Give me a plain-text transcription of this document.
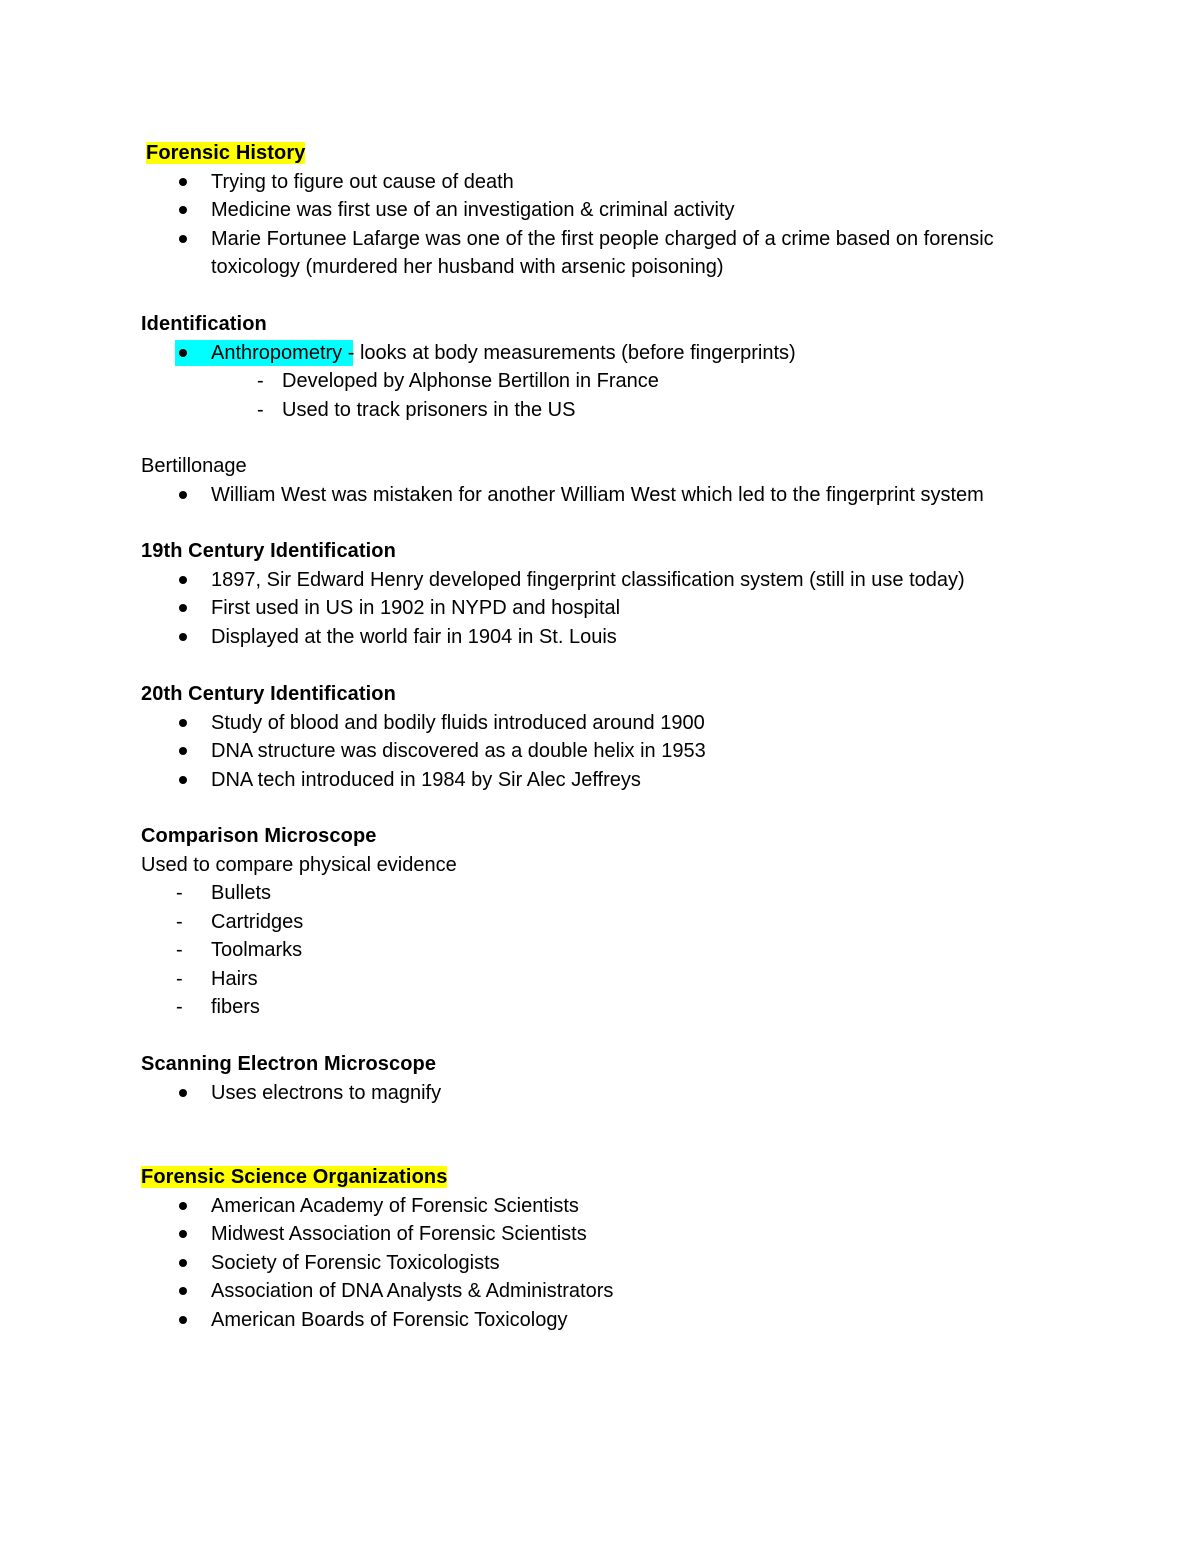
Forensic History
Trying to figure out cause of death
Medicine was first use of an investigation & criminal activity
Marie Fortunee Lafarge was one of the first people charged of a crime based on forensic
toxicology (murdered her husband with arsenic poisoning)
Identification
Anthropometry - looks at body measurements (before fingerprints)
- Developed by Alphonse Bertillon in France
- Used to track prisoners in the US
Bertillonage
William West was mistaken for another William West which led to the fingerprint system
19th Century Identification
1897, Sir Edward Henry developed fingerprint classification system (still in use today)
First used in US in 1902 in NYPD and hospital
Displayed at the world fair in 1904 in St. Louis
20th Century Identification
Study of blood and bodily fluids introduced around 1900
DNA structure was discovered as a double helix in 1953
DNA tech introduced in 1984 by Sir Alec Jeffreys
Comparison Microscope
Used to compare physical evidence
- Bullets
- Cartridges
- Toolmarks
- Hairs
- fibers
Scanning Electron Microscope
Uses electrons to magnify
Forensic Science Organizations
American Academy of Forensic Scientists
Midwest Association of Forensic Scientists
Society of Forensic Toxicologists
Association of DNA Analysts & Administrators
American Boards of Forensic Toxicology
